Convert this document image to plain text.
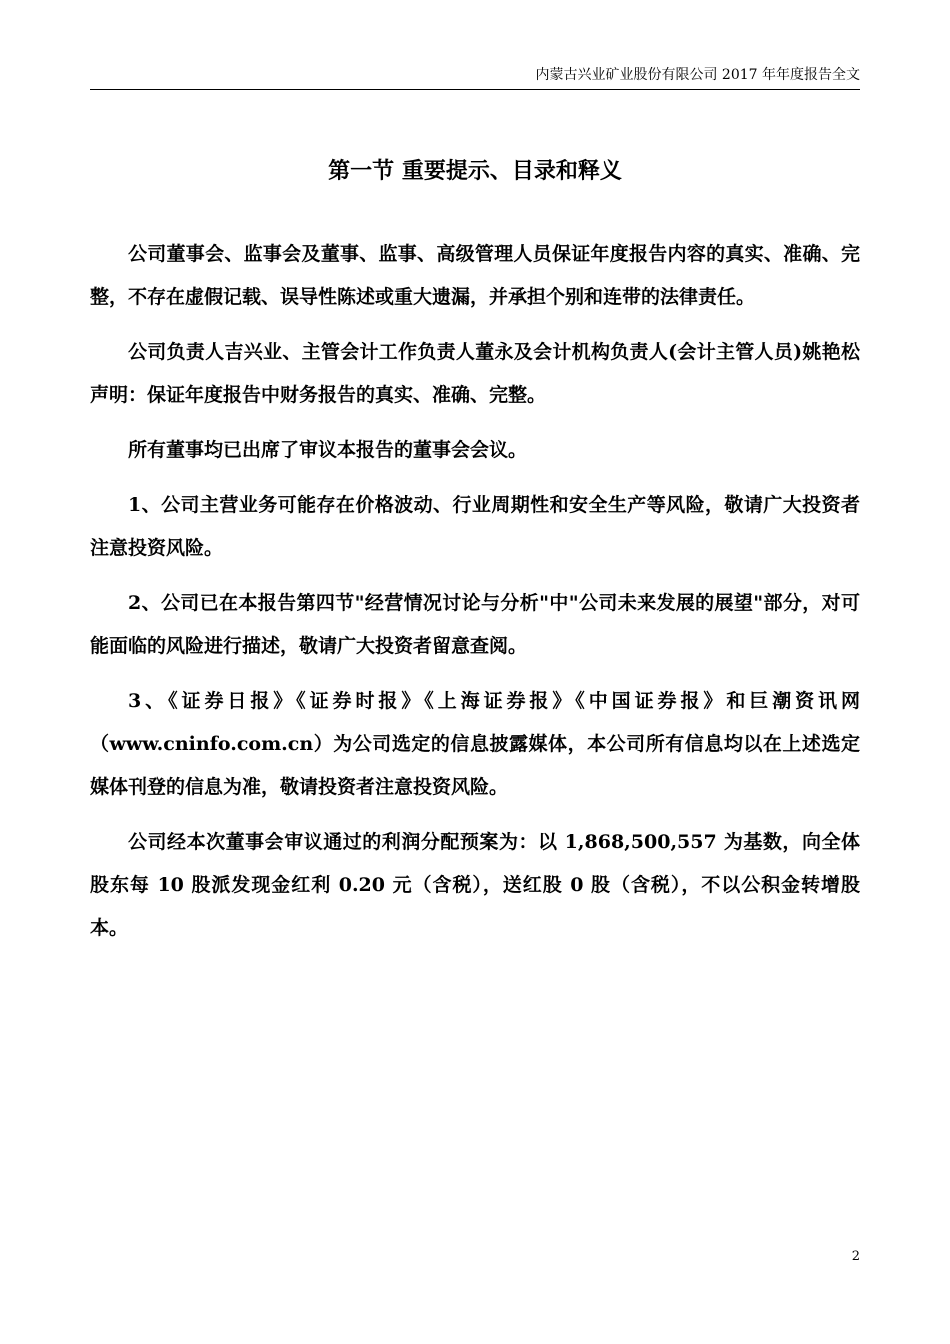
内蒙古兴业矿业股份有限公司 2017 年年度报告全文
第一节 重要提示、目录和释义

公司董事会、监事会及董事、监事、高级管理人员保证年度报告内容的真实、准确、完整，不存在虚假记载、误导性陈述或重大遗漏，并承担个别和连带的法律责任。

公司负责人吉兴业、主管会计工作负责人董永及会计机构负责人(会计主管人员)姚艳松声明：保证年度报告中财务报告的真实、准确、完整。

所有董事均已出席了审议本报告的董事会会议。

1、公司主营业务可能存在价格波动、行业周期性和安全生产等风险，敬请广大投资者注意投资风险。

2、公司已在本报告第四节"经营情况讨论与分析"中"公司未来发展的展望"部分，对可能面临的风险进行描述，敬请广大投资者留意查阅。

3、《证券日报》《证券时报》《上海证券报》《中国证券报》和巨潮资讯网（www.cninfo.com.cn）为公司选定的信息披露媒体，本公司所有信息均以在上述选定媒体刊登的信息为准，敬请投资者注意投资风险。

公司经本次董事会审议通过的利润分配预案为：以 1,868,500,557 为基数，向全体股东每 10 股派发现金红利 0.20 元（含税），送红股 0 股（含税），不以公积金转增股本。

2
